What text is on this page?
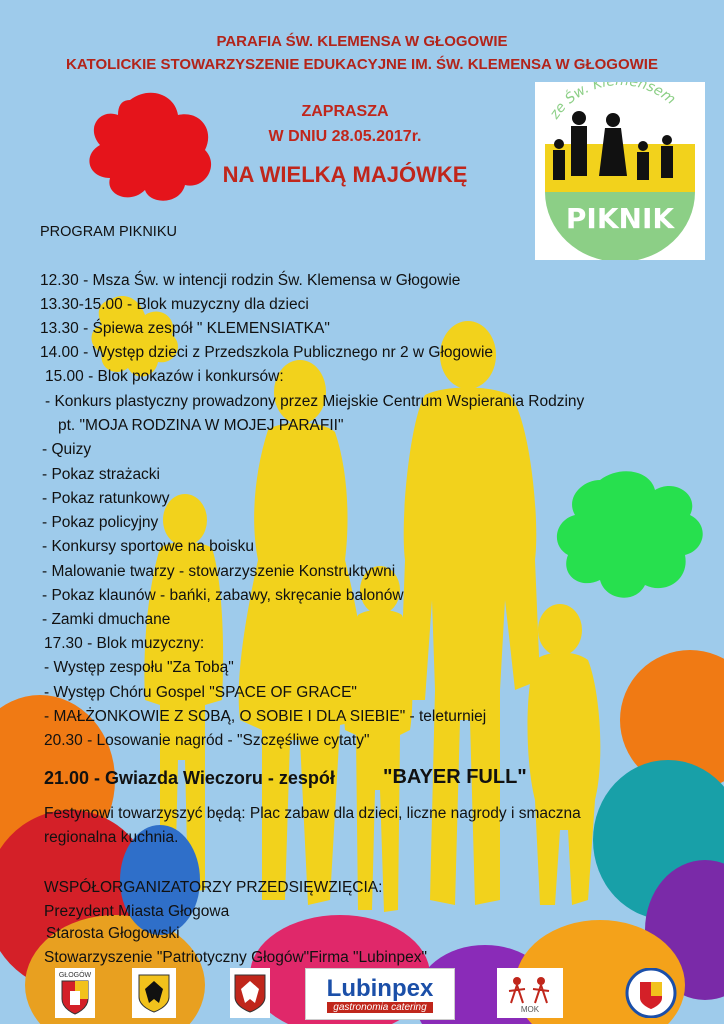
PARAFIA ŚW. KLEMENSA W GŁOGOWIE
KATOLICKIE STOWARZYSZENIE EDUKACYJNE IM. ŚW. KLEMENSA W GŁOGOWIE
ZAPRASZA
W DNIU 28.05.2017r.
NA WIELKĄ MAJÓWKĘ
ze Św. Kl ensem
PIKNIK
PROGRAM PIKNIKU
12.30 - Msza Św. w intencji rodzin Św. Klemensa w Głogowie
13.30-15.00 - Blok muzyczny dla dzieci
13.30 - Śpiewa zespół " KLEMENSIATKA"
14.00 - Występ dzieci z Przedszkola Publicznego nr 2 w Głogowie
15.00 - Blok pokazów i konkursów:
- Konkurs plastyczny prowadzony przez Miejskie Centrum Wspierania Rodziny
pt. "MOJA RODZINA W MOJEJ PARAFII"
- Quizy
- Pokaz strażacki
- Pokaz ratunkowy
- Pokaz policyjny
- Konkursy sportowe na boisku
- Malowanie twarzy - stowarzyszenie Konstruktywni
- Pokaz klaunów - bańki, zabawy, skręcanie balonów
- Zamki dmuchane
17.30 - Blok muzyczny:
- Występ zespołu "Za Tobą"
- Występ Chóru Gospel "SPACE OF GRACE"
- MAŁŻONKOWIE Z SOBĄ, O SOBIE I DLA SIEBIE" - teleturniej
20.30 - Losowanie nagród - "Szczęśliwe cytaty"
21.00 - Gwiazda Wieczoru - zespół "BAYER FULL"
Festynowi towarzyszyć będą: Plac zabaw dla dzieci, liczne nagrody i smaczna
regionalna kuchnia.
WSPÓŁORGANIZATORZY PRZEDSIĘWZIĘCIA:
Prezydent Miasta Głogowa
Starosta Głogowski
Stowarzyszenie "Patriotyczny Głogów"Firma "Lubinpex"
GŁOGÓW	Lubinpex
gastronomia catering	MOK
